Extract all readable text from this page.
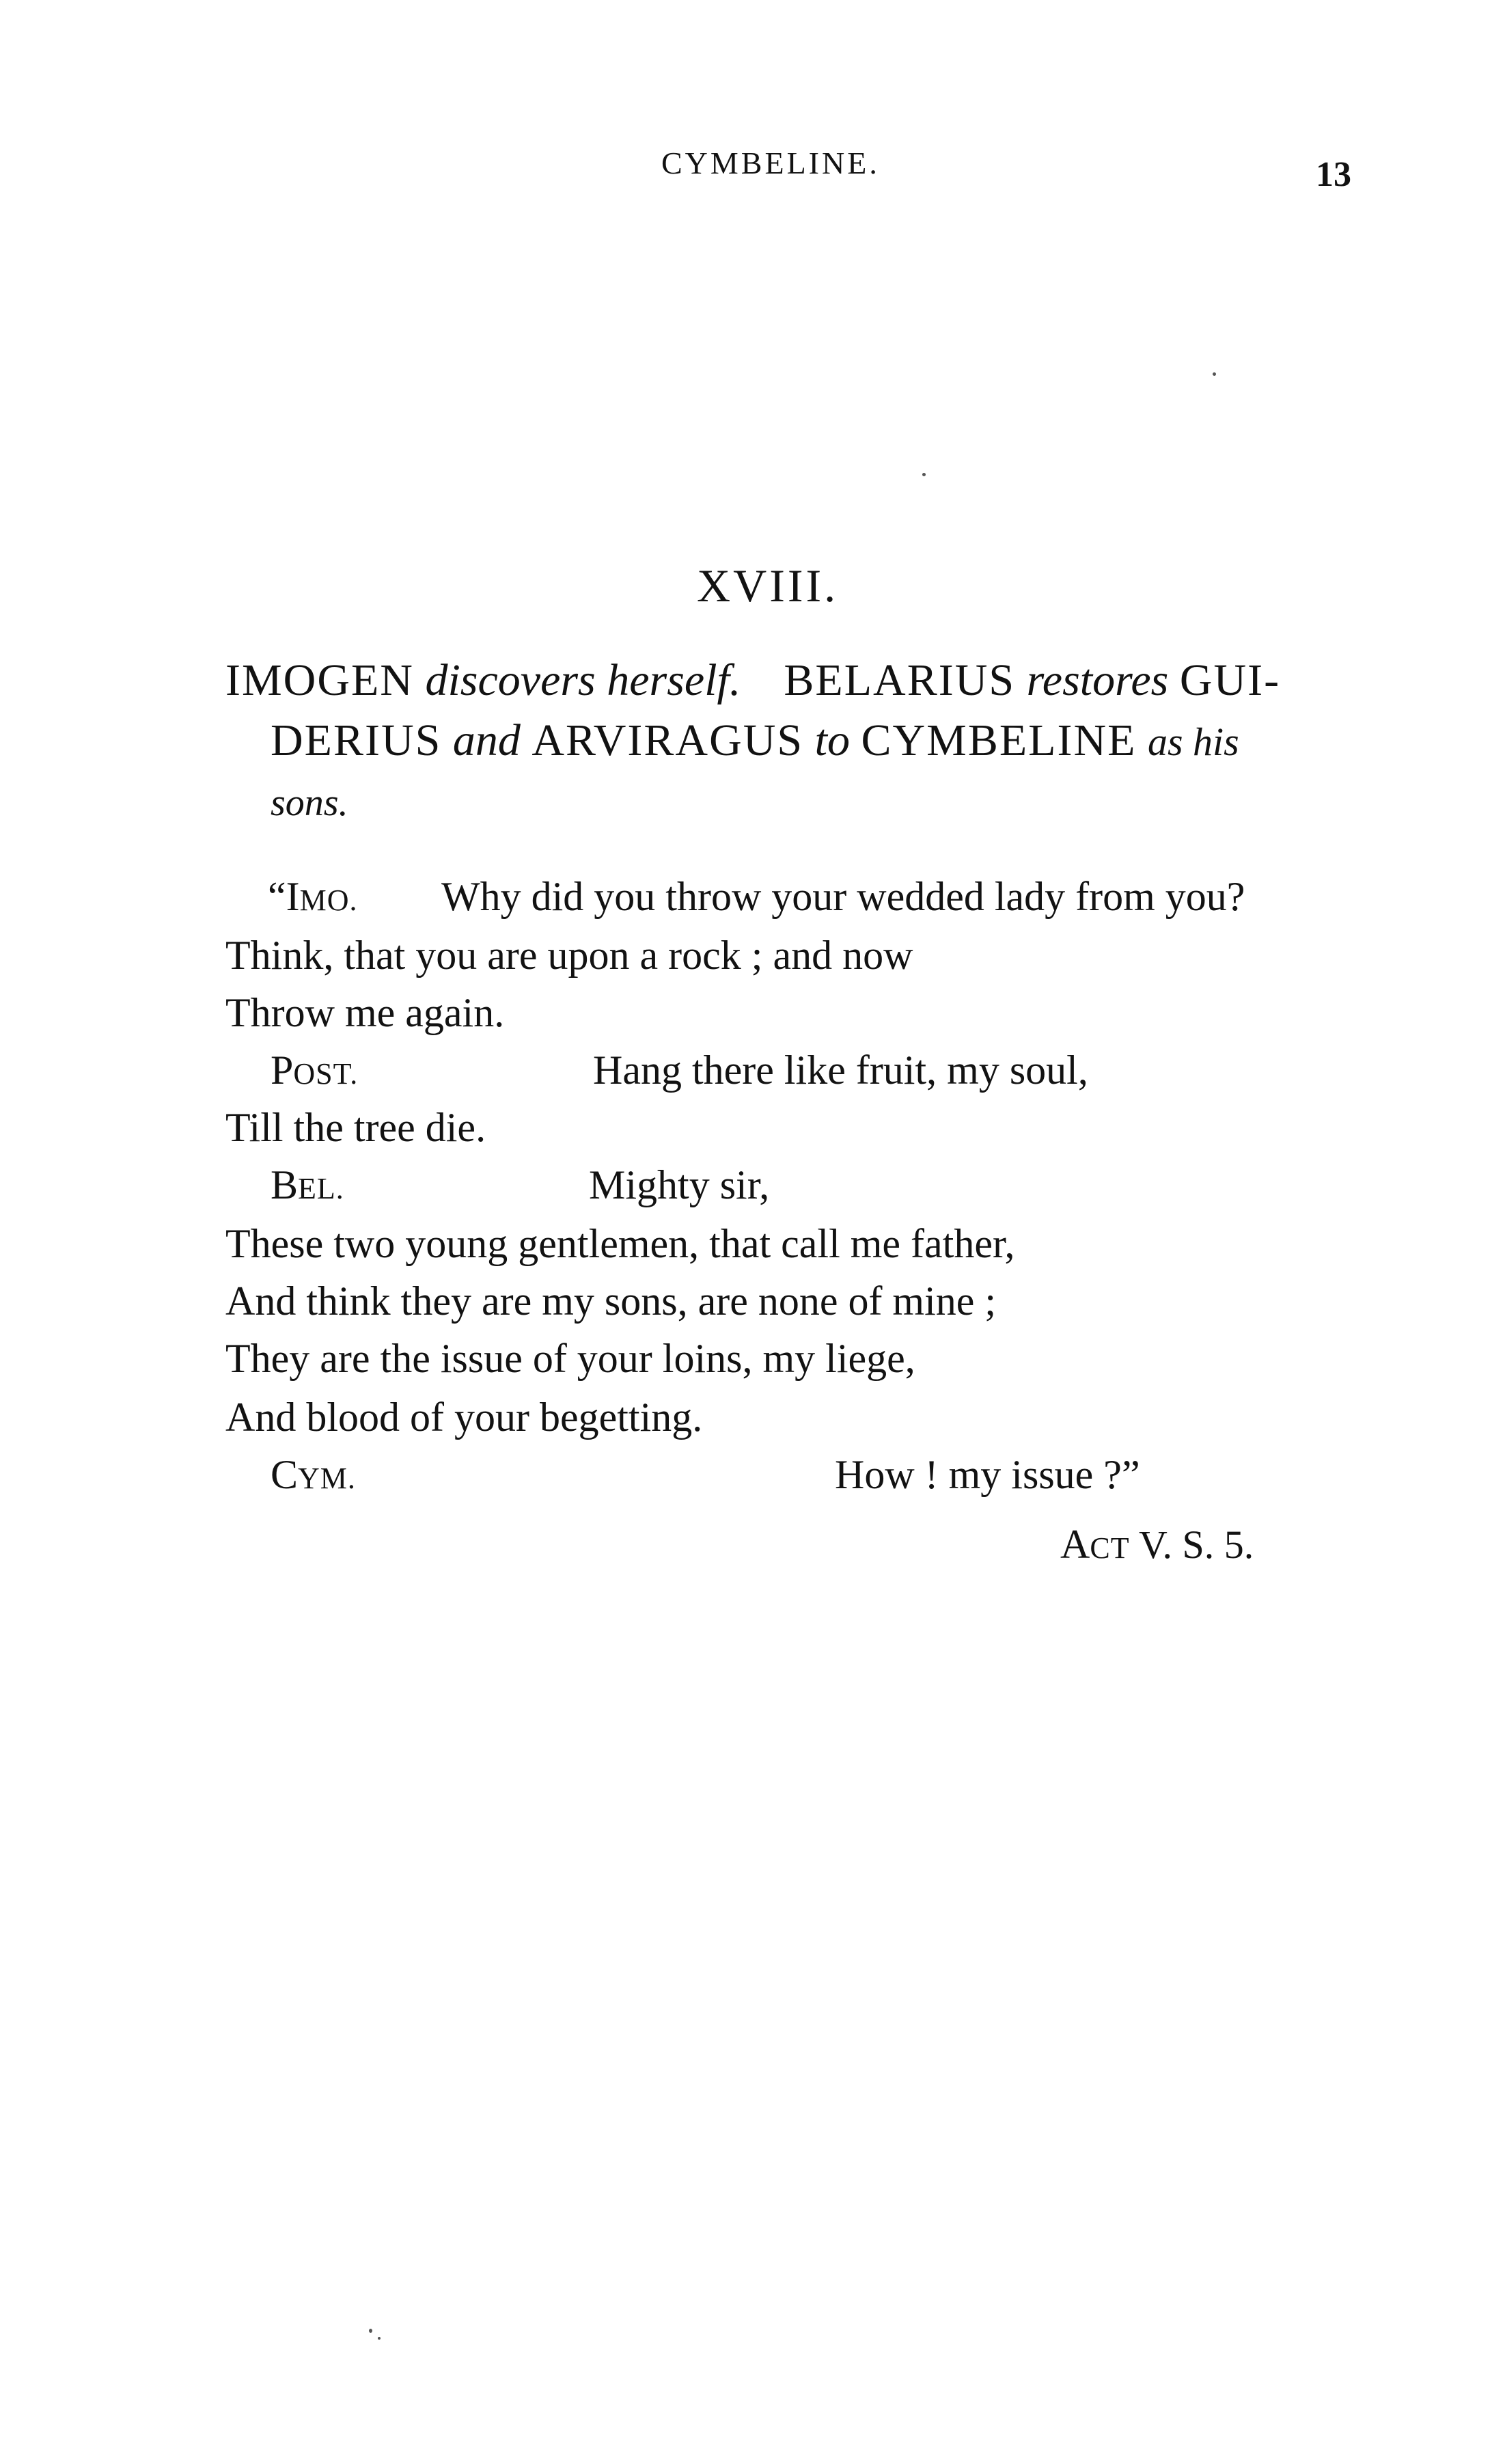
CYMBELINE.	13
XVIII.
IMOGEN discovers herself. BELARIUS restores GUI-
DERIUS and ARVIRAGUS to CYMBELINE as his
sons.
“IMO. Why did you throw your wedded lady from you?
Think, that you are upon a rock ; and now
Throw me again.
POST.	Hang there like fruit, my soul,
Till the tree die.
BEL.	Mighty sir,
These two young gentlemen, that call me father,
And think they are my sons, are none of mine ;
They are the issue of your loins, my liege,
And blood of your begetting.
CYM.	How ! my issue ?”
ACT V. S. 5.
